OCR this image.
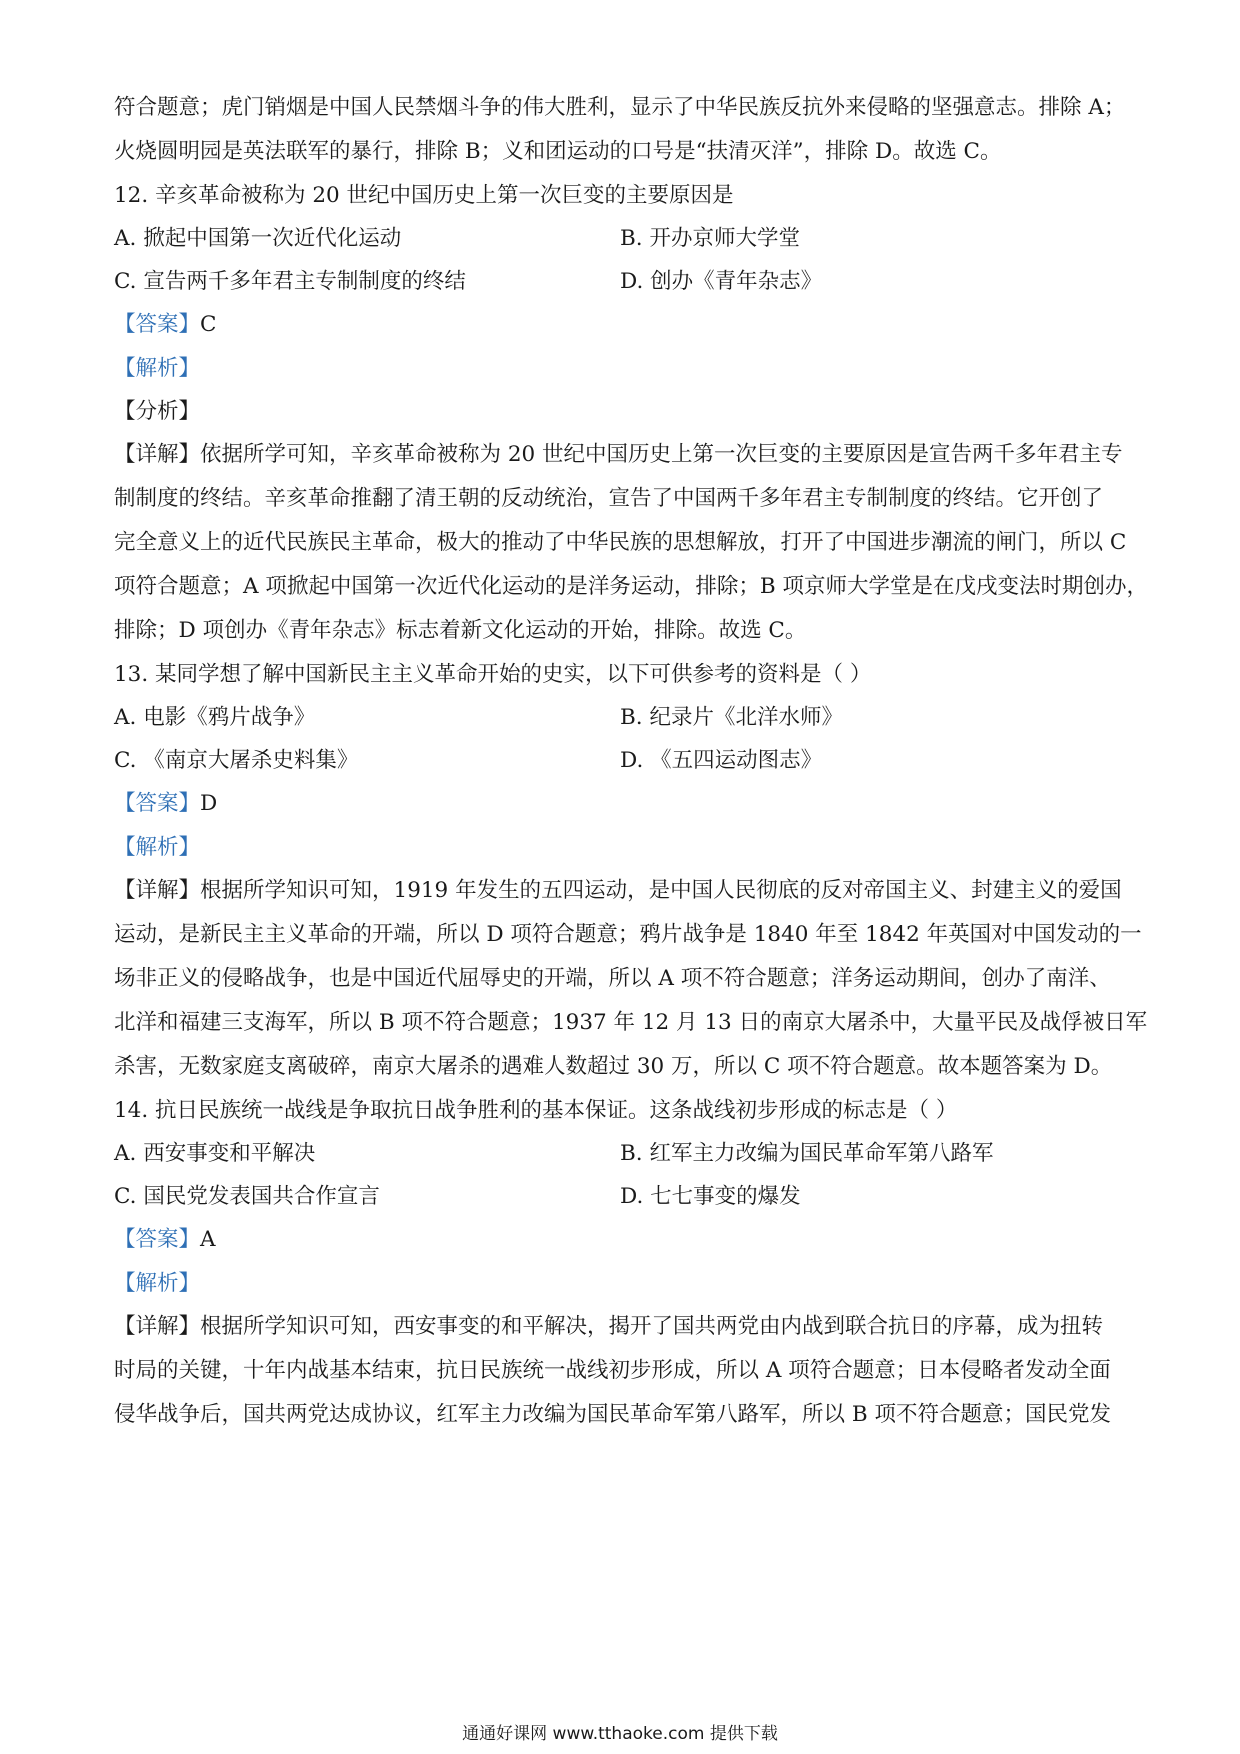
符合题意；虎门销烟是中国人民禁烟斗争的伟大胜利，显示了中华民族反抗外来侵略的坚强意志。排除 A；
火烧圆明园是英法联军的暴行，排除 B；义和团运动的口号是“扶清灭洋”，排除 D。故选 C。
12. 辛亥革命被称为 20 世纪中国历史上第一次巨变的主要原因是
A. 掀起中国第一次近代化运动	B. 开办京师大学堂
C. 宣告两千多年君主专制制度的终结	D. 创办《青年杂志》
【答案】C
【解析】
【分析】
【详解】依据所学可知，辛亥革命被称为 20 世纪中国历史上第一次巨变的主要原因是宣告两千多年君主专
制制度的终结。辛亥革命推翻了清王朝的反动统治，宣告了中国两千多年君主专制制度的终结。它开创了
完全意义上的近代民族民主革命，极大的推动了中华民族的思想解放，打开了中国进步潮流的闸门，所以 C
项符合题意；A 项掀起中国第一次近代化运动的是洋务运动，排除；B 项京师大学堂是在戊戌变法时期创办，
排除；D 项创办《青年杂志》标志着新文化运动的开始，排除。故选 C。
13. 某同学想了解中国新民主主义革命开始的史实，以下可供参考的资料是（ ）
A. 电影《鸦片战争》	B. 纪录片《北洋水师》
C. 《南京大屠杀史料集》	D. 《五四运动图志》
【答案】D
【解析】
【详解】根据所学知识可知，1919 年发生的五四运动，是中国人民彻底的反对帝国主义、封建主义的爱国
运动，是新民主主义革命的开端，所以 D 项符合题意；鸦片战争是 1840 年至 1842 年英国对中国发动的一
场非正义的侵略战争，也是中国近代屈辱史的开端，所以 A 项不符合题意；洋务运动期间，创办了南洋、
北洋和福建三支海军，所以 B 项不符合题意；1937 年 12 月 13 日的南京大屠杀中，大量平民及战俘被日军
杀害，无数家庭支离破碎，南京大屠杀的遇难人数超过 30 万，所以 C 项不符合题意。故本题答案为 D。
14. 抗日民族统一战线是争取抗日战争胜利的基本保证。这条战线初步形成的标志是（ ）
A. 西安事变和平解决	B. 红军主力改编为国民革命军第八路军
C. 国民党发表国共合作宣言	D. 七七事变的爆发
【答案】A
【解析】
【详解】根据所学知识可知，西安事变的和平解决，揭开了国共两党由内战到联合抗日的序幕，成为扭转
时局的关键，十年内战基本结束，抗日民族统一战线初步形成，所以 A 项符合题意；日本侵略者发动全面
侵华战争后，国共两党达成协议，红军主力改编为国民革命军第八路军，所以 B 项不符合题意；国民党发
通通好课网 www.tthaoke.com 提供下载
